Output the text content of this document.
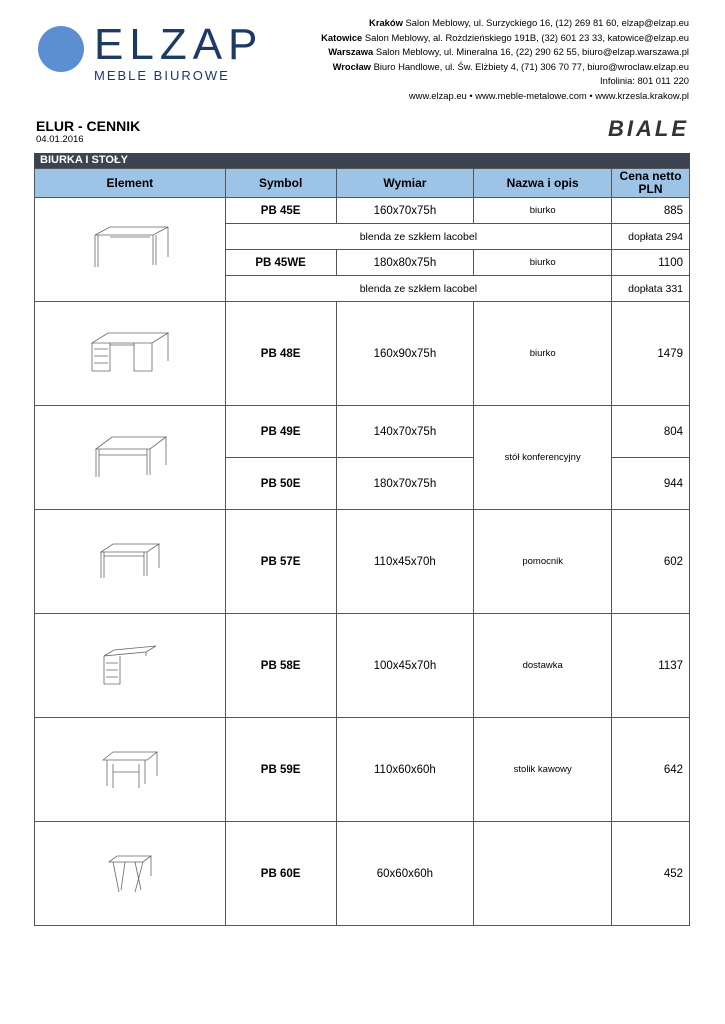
ELZAP
MEBLE BIUROWE
Kraków Salon Meblowy, ul. Surzyckiego 16, (12) 269 81 60, elzap@elzap.eu
Katowice Salon Meblowy, al. Rożdzieńskiego 191B, (32) 601 23 33, katowice@elzap.eu
Warszawa Salon Meblowy, ul. Mineralna 16, (22) 290 62 55, biuro@elzap.warszawa.pl
Wrocław Biuro Handlowe, ul. Św. Elżbiety 4, (71) 306 70 77, biuro@wroclaw.elzap.eu
Infolinia: 801 011 220
www.elzap.eu • www.meble-metalowe.com • www.krzesla.krakow.pl
ELUR - CENNIK
04.01.2016	BIALE
BIURKA I STOŁY
Element	Symbol	Wymiar	Nazwa i opis	Cena netto PLN

	PB 45E	160x70x75h	biurko	885
	blenda ze szkłem lacobel			dopłata 294
	PB 45WE	180x80x75h	biurko	1100
	blenda ze szkłem lacobel			dopłata 331

	PB 48E	160x90x75h	biurko	1479

	PB 49E	140x70x75h	stół konferencyjny	804
	PB 50E	180x70x75h		944

	PB 57E	110x45x70h	pomocnik	602

	PB 58E	100x45x70h	dostawka	1137

	PB 59E	110x60x60h	stolik kawowy	642

	PB 60E	60x60x60h		452
